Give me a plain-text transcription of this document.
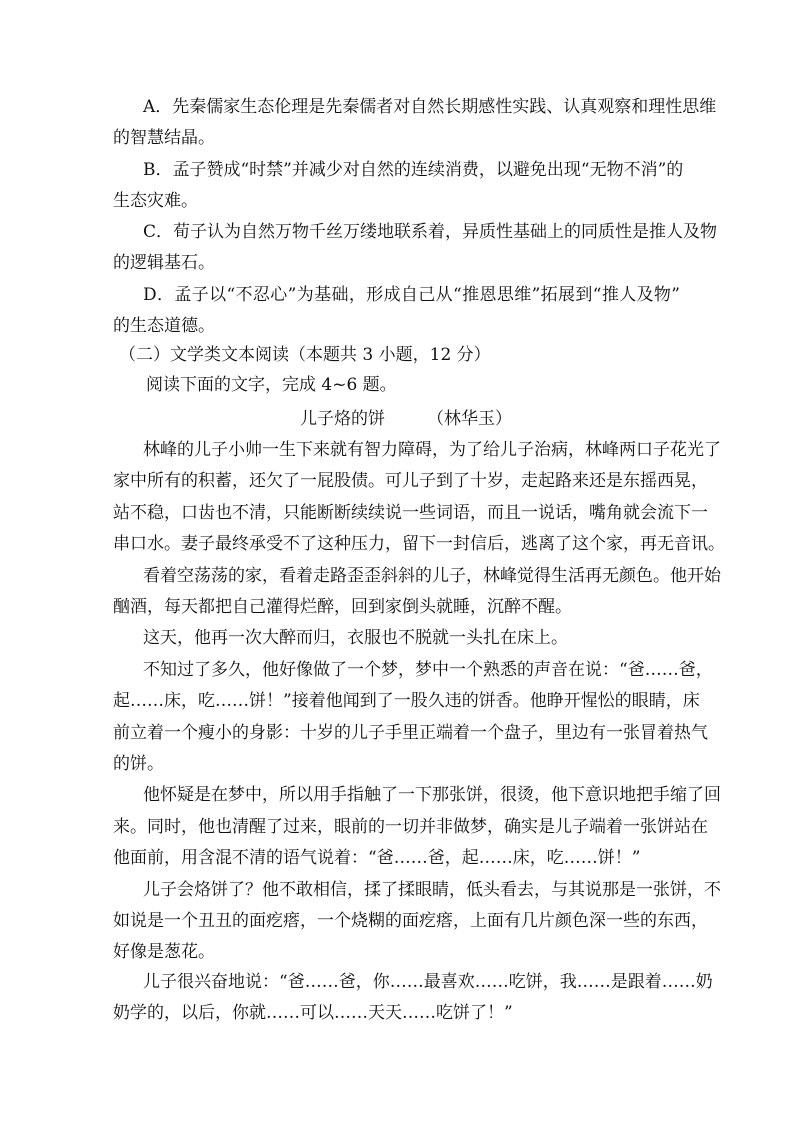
A．先秦儒家生态伦理是先秦儒者对自然长期感性实践、认真观察和理性思维
的智慧结晶。
B．孟子赞成“时禁”并减少对自然的连续消费，以避免出现“无物不消”的
生态灾难。
C．荀子认为自然万物千丝万缕地联系着，异质性基础上的同质性是推人及物
的逻辑基石。
D．孟子以“不忍心”为基础，形成自己从“推恩思维”拓展到“推人及物”
的生态道德。
（二）文学类文本阅读（本题共 3 小题，12 分）
阅读下面的文字，完成 4~6 题。
儿子烙的饼 （林华玉）
林峰的儿子小帅一生下来就有智力障碍，为了给儿子治病，林峰两口子花光了
家中所有的积蓄，还欠了一屁股债。可儿子到了十岁，走起路来还是东摇西晃，
站不稳，口齿也不清，只能断断续续说一些词语，而且一说话，嘴角就会流下一
串口水。妻子最终承受不了这种压力，留下一封信后，逃离了这个家，再无音讯。
看着空荡荡的家，看着走路歪歪斜斜的儿子，林峰觉得生活再无颜色。他开始
酗酒，每天都把自己灌得烂醉，回到家倒头就睡，沉醉不醒。
这天，他再一次大醉而归，衣服也不脱就一头扎在床上。
不知过了多久，他好像做了一个梦，梦中一个熟悉的声音在说：“爸……爸，
起……床，吃……饼！”接着他闻到了一股久违的饼香。他睁开惺忪的眼睛，床
前立着一个瘦小的身影：十岁的儿子手里正端着一个盘子，里边有一张冒着热气
的饼。
他怀疑是在梦中，所以用手指触了一下那张饼，很烫，他下意识地把手缩了回
来。同时，他也清醒了过来，眼前的一切并非做梦，确实是儿子端着一张饼站在
他面前，用含混不清的语气说着：“爸……爸，起……床，吃……饼！”
儿子会烙饼了？他不敢相信，揉了揉眼睛，低头看去，与其说那是一张饼，不
如说是一个丑丑的面疙瘩，一个烧糊的面疙瘩，上面有几片颜色深一些的东西，
好像是葱花。
儿子很兴奋地说：“爸……爸，你……最喜欢……吃饼，我……是跟着……奶
奶学的，以后，你就……可以……天天……吃饼了！”
